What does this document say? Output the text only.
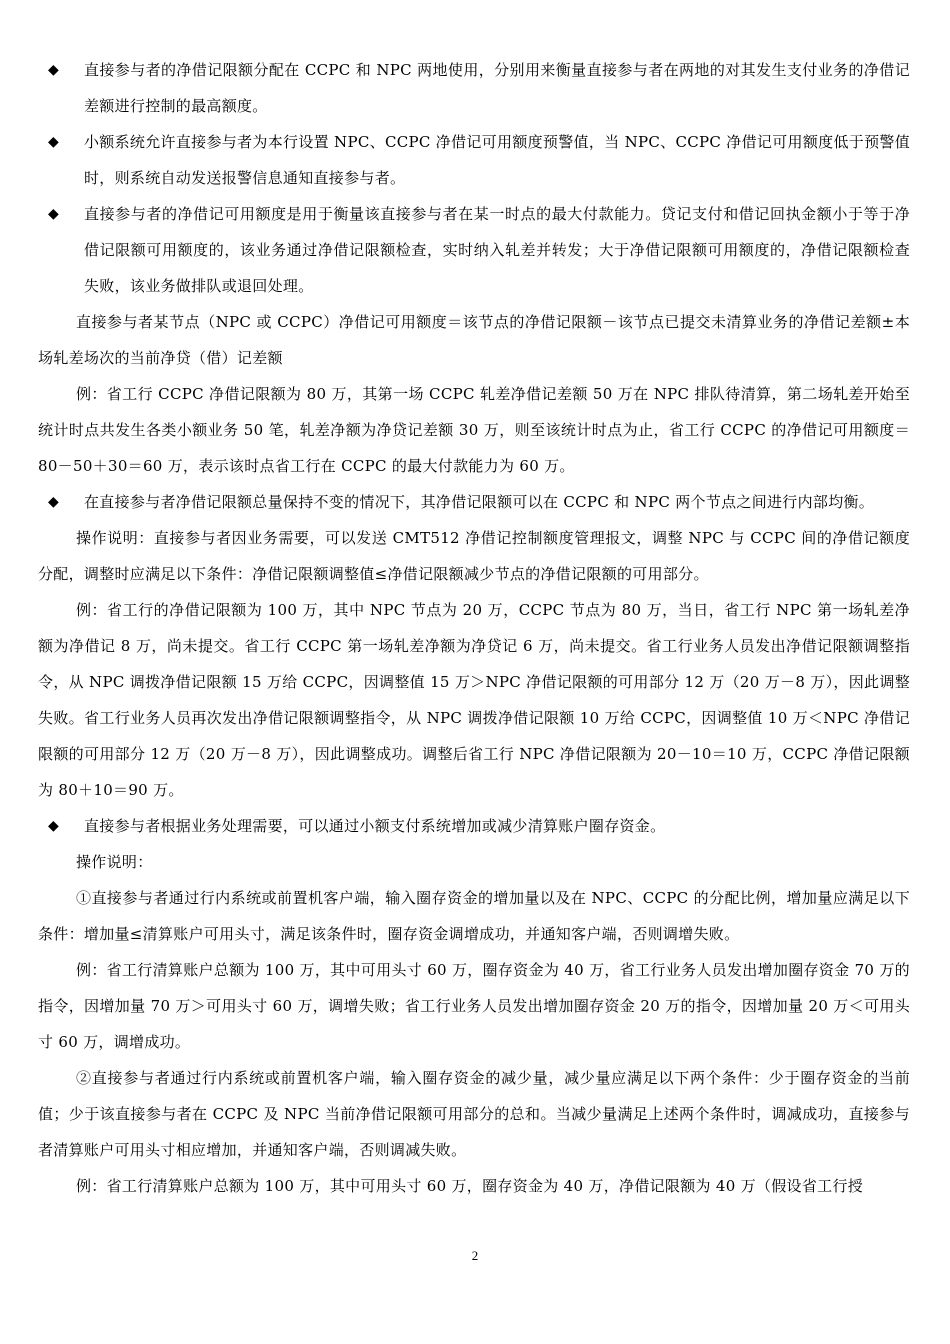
◆ 直接参与者的净借记限额分配在 CCPC 和 NPC 两地使用，分别用来衡量直接参与者在两地的对其发生支付业务的净借记差额进行控制的最高额度。

◆ 小额系统允许直接参与者为本行设置 NPC、CCPC 净借记可用额度预警值，当 NPC、CCPC 净借记可用额度低于预警值时，则系统自动发送报警信息通知直接参与者。

◆ 直接参与者的净借记可用额度是用于衡量该直接参与者在某一时点的最大付款能力。贷记支付和借记回执金额小于等于净借记限额可用额度的，该业务通过净借记限额检查，实时纳入轧差并转发；大于净借记限额可用额度的，净借记限额检查失败，该业务做排队或退回处理。

直接参与者某节点（NPC 或 CCPC）净借记可用额度＝该节点的净借记限额－该节点已提交未清算业务的净借记差额±本场轧差场次的当前净贷（借）记差额

例：省工行 CCPC 净借记限额为 80 万，其第一场 CCPC 轧差净借记差额 50 万在 NPC 排队待清算，第二场轧差开始至统计时点共发生各类小额业务 50 笔，轧差净额为净贷记差额 30 万，则至该统计时点为止，省工行 CCPC 的净借记可用额度＝80－50＋30＝60 万，表示该时点省工行在 CCPC 的最大付款能力为 60 万。

◆ 在直接参与者净借记限额总量保持不变的情况下，其净借记限额可以在 CCPC 和 NPC 两个节点之间进行内部均衡。

操作说明：直接参与者因业务需要，可以发送 CMT512 净借记控制额度管理报文，调整 NPC 与 CCPC 间的净借记额度分配，调整时应满足以下条件：净借记限额调整值≤净借记限额减少节点的净借记限额的可用部分。

例：省工行的净借记限额为 100 万，其中 NPC 节点为 20 万，CCPC 节点为 80 万，当日，省工行 NPC 第一场轧差净额为净借记 8 万，尚未提交。省工行 CCPC 第一场轧差净额为净贷记 6 万，尚未提交。省工行业务人员发出净借记限额调整指令，从 NPC 调拨净借记限额 15 万给 CCPC，因调整值 15 万＞NPC 净借记限额的可用部分 12 万（20 万－8 万），因此调整失败。省工行业务人员再次发出净借记限额调整指令，从 NPC 调拨净借记限额 10 万给 CCPC，因调整值 10 万＜NPC 净借记限额的可用部分 12 万（20 万－8 万），因此调整成功。调整后省工行 NPC 净借记限额为 20－10＝10 万，CCPC 净借记限额为 80＋10＝90 万。

◆ 直接参与者根据业务处理需要，可以通过小额支付系统增加或减少清算账户圈存资金。

操作说明：

①直接参与者通过行内系统或前置机客户端，输入圈存资金的增加量以及在 NPC、CCPC 的分配比例，增加量应满足以下条件：增加量≤清算账户可用头寸，满足该条件时，圈存资金调增成功，并通知客户端，否则调增失败。

例：省工行清算账户总额为 100 万，其中可用头寸 60 万，圈存资金为 40 万，省工行业务人员发出增加圈存资金 70 万的指令，因增加量 70 万＞可用头寸 60 万，调增失败；省工行业务人员发出增加圈存资金 20 万的指令，因增加量 20 万＜可用头寸 60 万，调增成功。

②直接参与者通过行内系统或前置机客户端，输入圈存资金的减少量，减少量应满足以下两个条件：少于圈存资金的当前值；少于该直接参与者在 CCPC 及 NPC 当前净借记限额可用部分的总和。当减少量满足上述两个条件时，调减成功，直接参与者清算账户可用头寸相应增加，并通知客户端，否则调减失败。

例：省工行清算账户总额为 100 万，其中可用头寸 60 万，圈存资金为 40 万，净借记限额为 40 万（假设省工行授

2
